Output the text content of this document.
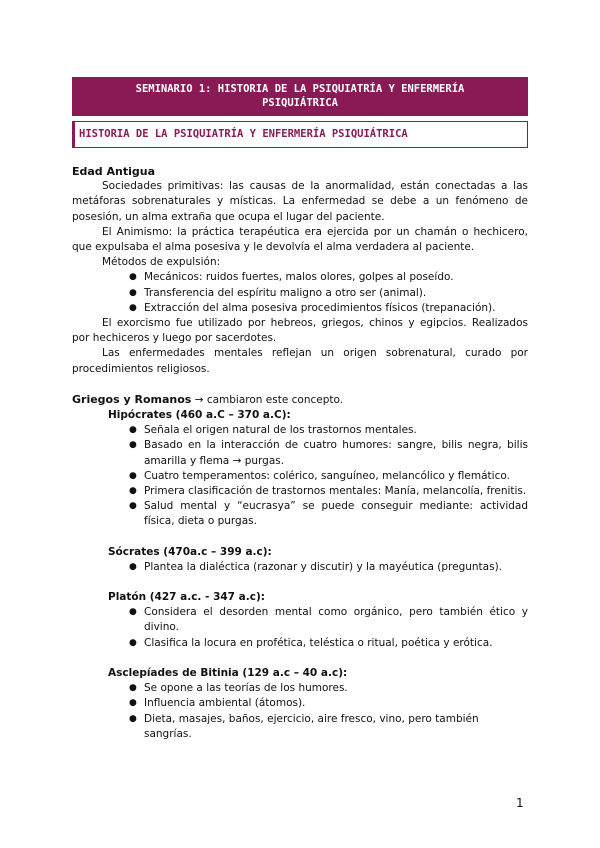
SEMINARIO 1: HISTORIA DE LA PSIQUIATRÍA Y ENFERMERÍA
PSIQUIÁTRICA
HISTORIA DE LA PSIQUIATRÍA Y ENFERMERÍA PSIQUIÁTRICA

Edad Antigua

Sociedades primitivas: las causas de la anormalidad, están conectadas a las metáforas sobrenaturales y místicas. La enfermedad se debe a un fenómeno de posesión, un alma extraña que ocupa el lugar del paciente.

El Animismo: la práctica terapéutica era ejercida por un chamán o hechicero, que expulsaba el alma posesiva y le devolvía el alma verdadera al paciente.

Métodos de expulsión:

● Mecánicos: ruidos fuertes, malos olores, golpes al poseído.
● Transferencia del espíritu maligno a otro ser (animal).
● Extracción del alma posesiva procedimientos físicos (trepanación).

El exorcismo fue utilizado por hebreos, griegos, chinos y egipcios. Realizados por hechiceros y luego por sacerdotes.

Las enfermedades mentales reflejan un origen sobrenatural, curado por procedimientos religiosos.

Griegos y Romanos → cambiaron este concepto.

Hipócrates (460 a.C – 370 a.C):

● Señala el origen natural de los trastornos mentales.
● Basado en la interacción de cuatro humores: sangre, bilis negra, bilis amarilla y flema → purgas.
● Cuatro temperamentos: colérico, sanguíneo, melancólico y flemático.
● Primera clasificación de trastornos mentales: Manía, melancolía, frenitis.
● Salud mental y “eucrasya” se puede conseguir mediante: actividad física, dieta o purgas.

Sócrates (470a.c – 399 a.c):

● Plantea la dialéctica (razonar y discutir) y la mayéutica (preguntas).

Platón (427 a.c. - 347 a.c):

● Considera el desorden mental como orgánico, pero también ético y divino.
● Clasifica la locura en profética, teléstica o ritual, poética y erótica.

Asclepíades de Bitinia (129 a.c – 40 a.c):

● Se opone a las teorías de los humores.
● Influencia ambiental (átomos).
● Dieta, masajes, baños, ejercicio, aire fresco, vino, pero también sangrías.
1
